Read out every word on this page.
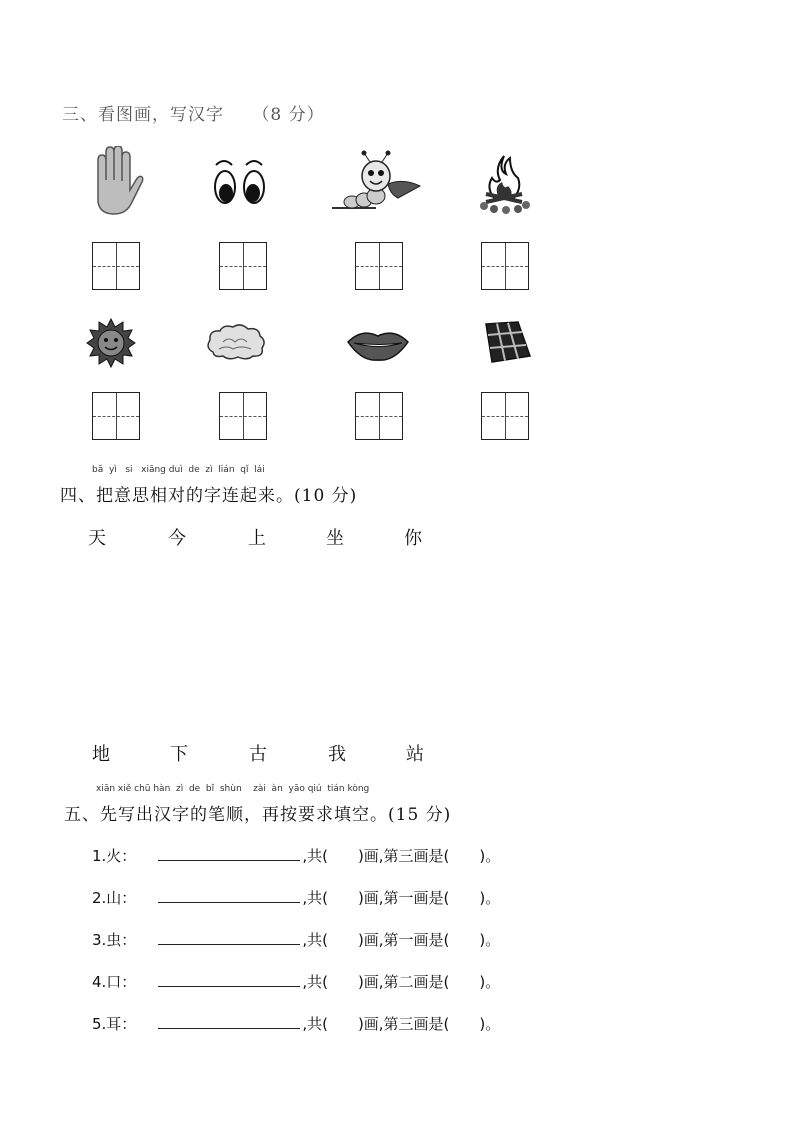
三、看图画，写汉字 （8 分）
bǎ  yì   si   xiāng duì  de  zì  lián  qǐ  lái
四、把意思相对的字连起来。(10 分)
天	今	上	坐	你
地	下	古	我	站
xiān xiě chū hàn  zì  de  bǐ  shùn    zài  àn  yāo qiú  tián kòng
五、先写出汉字的笔顺，再按要求填空。(15 分)
1.火：	,共( )画,第三画是( )。
2.山：	,共( )画,第一画是( )。
3.虫：	,共( )画,第一画是( )。
4.口：	,共( )画,第二画是( )。
5.耳：	,共( )画,第三画是( )。
